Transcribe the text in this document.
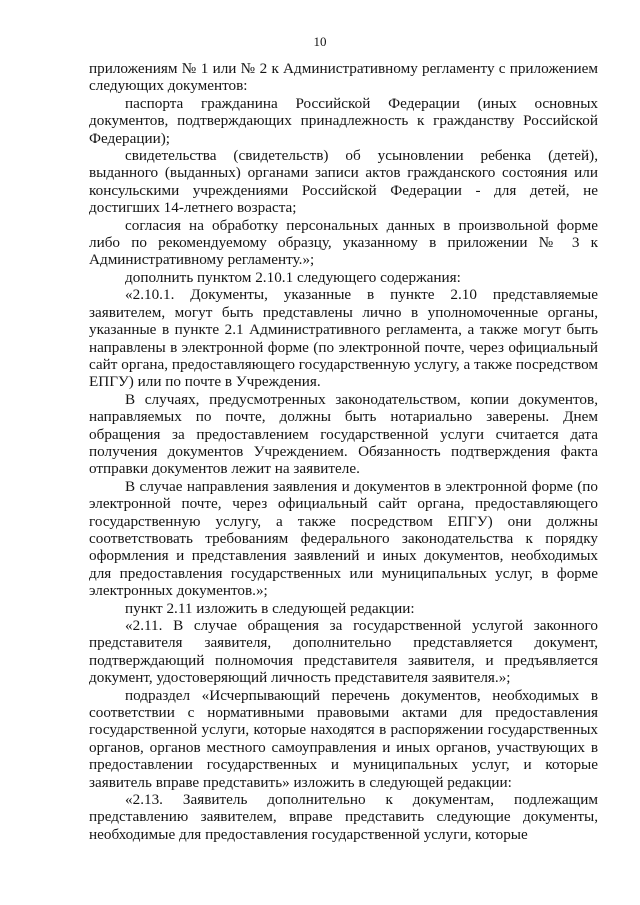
10

приложениям № 1 или № 2 к Административному регламенту с приложением следующих документов:

паспорта гражданина Российской Федерации (иных основных документов, подтверждающих принадлежность к гражданству Российской Федерации);

свидетельства (свидетельств) об усыновлении ребенка (детей), выданного (выданных) органами записи актов гражданского состояния или консульскими учреждениями Российской Федерации - для детей, не достигших 14-летнего возраста;

согласия на обработку персональных данных в произвольной форме либо по рекомендуемому образцу, указанному в приложении № 3 к Административному регламенту.»;

дополнить пунктом 2.10.1 следующего содержания:

«2.10.1. Документы, указанные в пункте 2.10 представляемые заявителем, могут быть представлены лично в уполномоченные органы, указанные в пункте 2.1 Административного регламента, а также могут быть направлены в электронной форме (по электронной почте, через официальный сайт органа, предоставляющего государственную услугу, а также посредством ЕПГУ) или по почте в Учреждения.

В случаях, предусмотренных законодательством, копии документов, направляемых по почте, должны быть нотариально заверены. Днем обращения за предоставлением государственной услуги считается дата получения документов Учреждением. Обязанность подтверждения факта отправки документов лежит на заявителе.

В случае направления заявления и документов в электронной форме (по электронной почте, через официальный сайт органа, предоставляющего государственную услугу, а также посредством ЕПГУ) они должны соответствовать требованиям федерального законодательства к порядку оформления и представления заявлений и иных документов, необходимых для предоставления государственных или муниципальных услуг, в форме электронных документов.»;

пункт 2.11 изложить в следующей редакции:

«2.11. В случае обращения за государственной услугой законного представителя заявителя, дополнительно представляется документ, подтверждающий полномочия представителя заявителя, и предъявляется документ, удостоверяющий личность представителя заявителя.»;

подраздел «Исчерпывающий перечень документов, необходимых в соответствии с нормативными правовыми актами для предоставления государственной услуги, которые находятся в распоряжении государственных органов, органов местного самоуправления и иных органов, участвующих в предоставлении государственных и муниципальных услуг, и которые заявитель вправе представить» изложить в следующей редакции:

«2.13. Заявитель дополнительно к документам, подлежащим представлению заявителем, вправе представить следующие документы, необходимые для предоставления государственной услуги, которые
